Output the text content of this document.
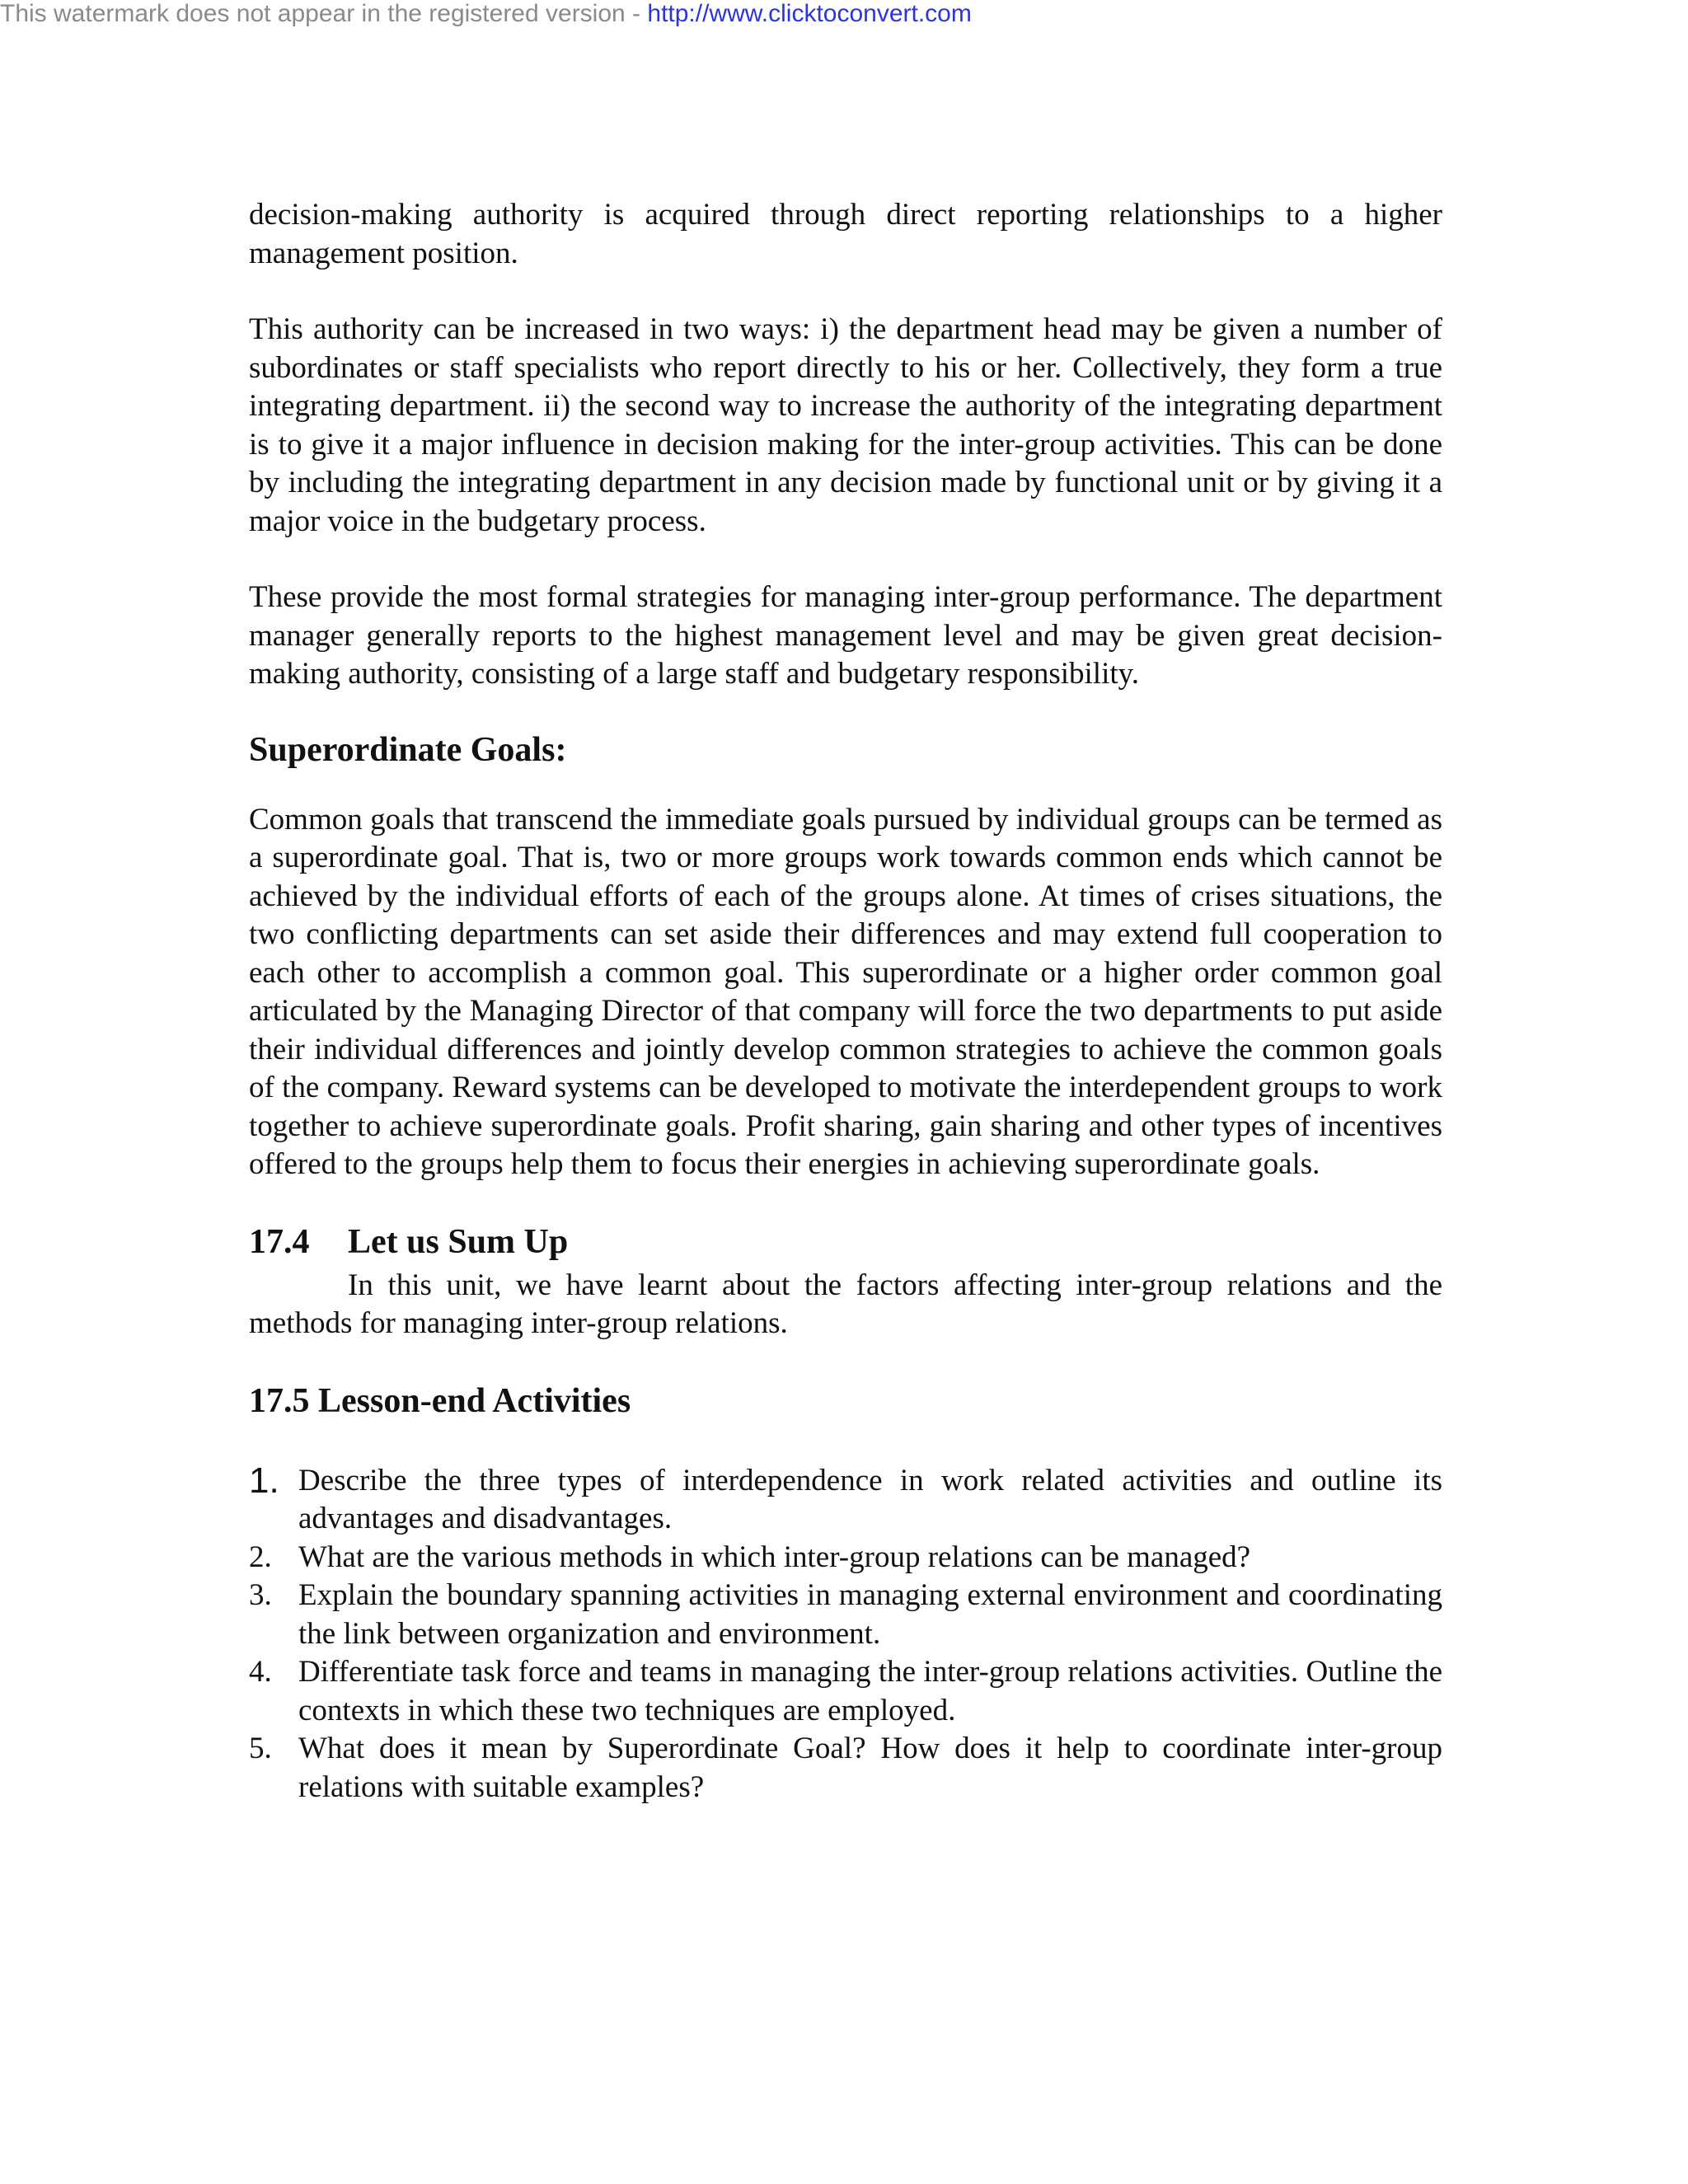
This watermark does not appear in the registered version - http://www.clicktoconvert.com

decision-making authority is acquired through direct reporting relationships to a higher management position.

This authority can be increased in two ways: i) the department head may be given a number of subordinates or staff specialists who report directly to his or her. Collectively, they form a true integrating department. ii) the second way to increase the authority of the integrating department is to give it a major influence in decision making for the inter-group activities. This can be done by including the integrating department in any decision made by functional unit or by giving it a major voice in the budgetary process.

These provide the most formal strategies for managing inter-group performance. The department manager generally reports to the highest management level and may be given great decision-making authority, consisting of a large staff and budgetary responsibility.

Superordinate Goals:

Common goals that transcend the immediate goals pursued by individual groups can be termed as a superordinate goal. That is, two or more groups work towards common ends which cannot be achieved by the individual efforts of each of the groups alone. At times of crises situations, the two conflicting departments can set aside their differences and may extend full cooperation to each other to accomplish a common goal. This superordinate or a higher order common goal articulated by the Managing Director of that company will force the two departments to put aside their individual differences and jointly develop common strategies to achieve the common goals of the company. Reward systems can be developed to motivate the interdependent groups to work together to achieve superordinate goals. Profit sharing, gain sharing and other types of incentives offered to the groups help them to focus their energies in achieving superordinate goals.

17.4 Let us Sum Up

In this unit, we have learnt about the factors affecting inter-group relations and the methods for managing inter-group relations.

17.5 Lesson-end Activities
1. Describe the three types of interdependence in work related activities and outline its advantages and disadvantages.
2. What are the various methods in which inter-group relations can be managed?
3. Explain the boundary spanning activities in managing external environment and coordinating the link between organization and environment.
4. Differentiate task force and teams in managing the inter-group relations activities. Outline the contexts in which these two techniques are employed.
5. What does it mean by Superordinate Goal? How does it help to coordinate inter-group relations with suitable examples?
